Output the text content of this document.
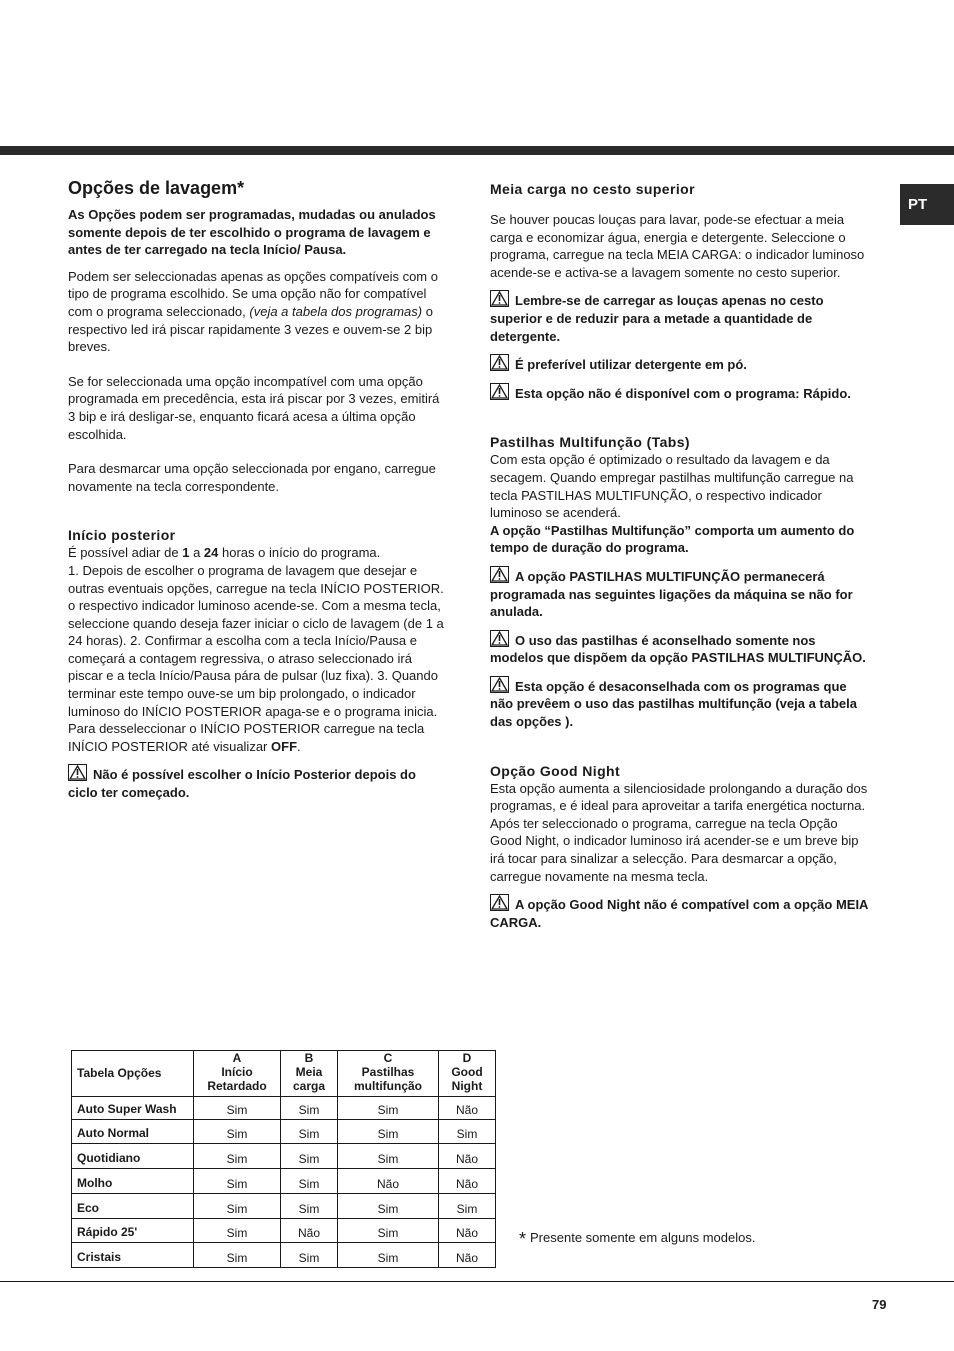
PT
Opções de lavagem*

As Opções podem ser programadas, mudadas ou anulados somente depois de ter escolhido o programa de lavagem e antes de ter carregado na tecla Início/ Pausa.

Podem ser seleccionadas apenas as opções compatíveis com o tipo de programa escolhido. Se uma opção não for compatível com o programa seleccionado, (veja a tabela dos programas) o respectivo led irá piscar rapidamente 3 vezes e ouvem-se 2 bip breves.

Se for seleccionada uma opção incompatível com uma opção programada em precedência, esta irá piscar por 3 vezes, emitirá 3 bip e irá desligar-se, enquanto ficará acesa a última opção escolhida.

Para desmarcar uma opção seleccionada por engano, carregue novamente na tecla correspondente.

Início posterior

É possível adiar de 1 a 24 horas o início do programa.

1. Depois de escolher o programa de lavagem que desejar e outras eventuais opções, carregue na tecla INÍCIO POSTERIOR. o respectivo indicador luminoso acende-se. Com a mesma tecla, seleccione quando deseja fazer iniciar o ciclo de lavagem (de 1 a 24 horas). 2. Confirmar a escolha com a tecla Início/Pausa e começará a contagem regressiva, o atraso seleccionado irá piscar e a tecla Início/Pausa pára de pulsar (luz fixa). 3. Quando terminar este tempo ouve-se um bip prolongado, o indicador luminoso do INÍCIO POSTERIOR apaga-se e o programa inicia.

Para desseleccionar o INÍCIO POSTERIOR carregue na tecla INÍCIO POSTERIOR até visualizar OFF.

Não é possível escolher o Início Posterior depois do ciclo ter começado.

Meia carga no cesto superior

Se houver poucas louças para lavar, pode-se efectuar a meia carga e economizar água, energia e detergente. Seleccione o programa, carregue na tecla MEIA CARGA: o indicador luminoso acende-se e activa-se a lavagem somente no cesto superior.

Lembre-se de carregar as louças apenas no cesto superior e de reduzir para a metade a quantidade de detergente.

É preferível utilizar detergente em pó.

Esta opção não é disponível com o programa: Rápido.

Pastilhas Multifunção (Tabs)

Com esta opção é optimizado o resultado da lavagem e da secagem. Quando empregar pastilhas multifunção carregue na tecla PASTILHAS MULTIFUNÇÃO, o respectivo indicador luminoso se acenderá.

A opção “Pastilhas Multifunção” comporta um aumento do tempo de duração do programa.

A opção PASTILHAS MULTIFUNÇÃO permanecerá programada nas seguintes ligações da máquina se não for anulada.

O uso das pastilhas é aconselhado somente nos modelos que dispõem da opção PASTILHAS MULTIFUNÇÃO.

Esta opção é desaconselhada com os programas que não prevêem o uso das pastilhas multifunção (veja a tabela das opções ).

Opção Good Night

Esta opção aumenta a silenciosidade prolongando a duração dos programas, e é ideal para aproveitar a tarifa energética nocturna. Após ter seleccionado o programa, carregue na tecla Opção Good Night, o indicador luminoso irá acender-se e um breve bip irá tocar para sinalizar a selecção. Para desmarcar a opção, carregue novamente na mesma tecla.

A opção Good Night não é compatível com a opção MEIA CARGA.

Tabela Opções	A	B	C	D
	Início Retardado	Meia carga	Pastilhas multifunção	Good Night
Auto Super Wash	Sim	Sim	Sim	Não
Auto Normal	Sim	Sim	Sim	Sim
Quotidiano	Sim	Sim	Sim	Não
Molho	Sim	Sim	Não	Não
Eco	Sim	Sim	Sim	Sim
Rápido 25'	Sim	Não	Sim	Não
Cristais	Sim	Sim	Sim	Não
* Presente somente em alguns modelos.
79
